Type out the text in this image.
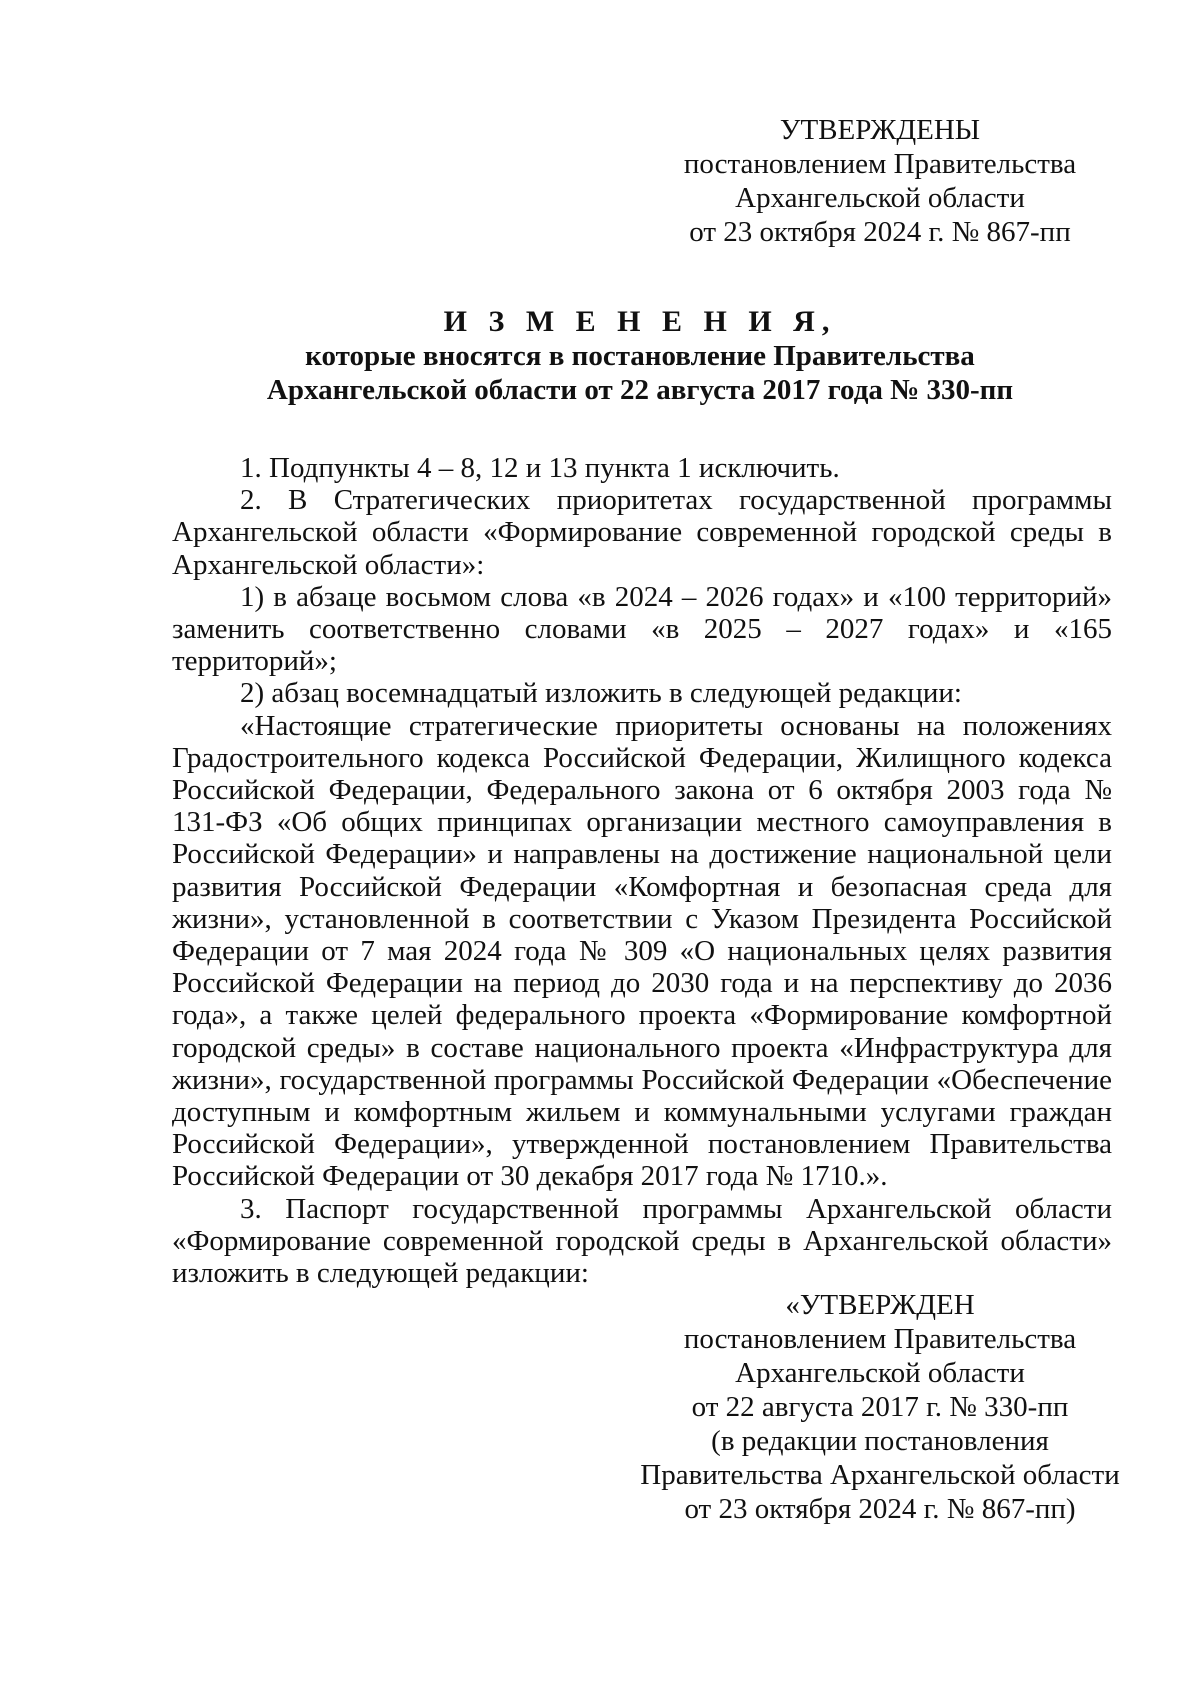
УТВЕРЖДЕНЫ
постановлением Правительства
Архангельской области
от 23 октября 2024 г. № 867-пп
И З М Е Н Е Н И Я,
которые вносятся в постановление Правительства
Архангельской области от 22 августа 2017 года № 330-пп

1. Подпункты 4 – 8, 12 и 13 пункта 1 исключить.

2. В Стратегических приоритетах государственной программы Архангельской области «Формирование современной городской среды в Архангельской области»:

1) в абзаце восьмом слова «в 2024 – 2026 годах» и «100 территорий» заменить соответственно словами «в 2025 – 2027 годах» и «165 территорий»;

2) абзац восемнадцатый изложить в следующей редакции:

«Настоящие стратегические приоритеты основаны на положениях Градостроительного кодекса Российской Федерации, Жилищного кодекса Российской Федерации, Федерального закона от 6 октября 2003 года № 131-ФЗ «Об общих принципах организации местного самоуправления в Российской Федерации» и направлены на достижение национальной цели развития Российской Федерации «Комфортная и безопасная среда для жизни», установленной в соответствии с Указом Президента Российской Федерации от 7 мая 2024 года № 309 «О национальных целях развития Российской Федерации на период до 2030 года и на перспективу до 2036 года», а также целей федерального проекта «Формирование комфортной городской среды» в составе национального проекта «Инфраструктура для жизни», государственной программы Российской Федерации «Обеспечение доступным и комфортным жильем и коммунальными услугами граждан Российской Федерации», утвержденной постановлением Правительства Российской Федерации от 30 декабря 2017 года № 1710.».

3. Паспорт государственной программы Архангельской области «Формирование современной городской среды в Архангельской области» изложить в следующей редакции:

«УТВЕРЖДЕН
постановлением Правительства
Архангельской области
от 22 августа 2017 г. № 330-пп
(в редакции постановления
Правительства Архангельской области
от 23 октября 2024 г. № 867-пп)
